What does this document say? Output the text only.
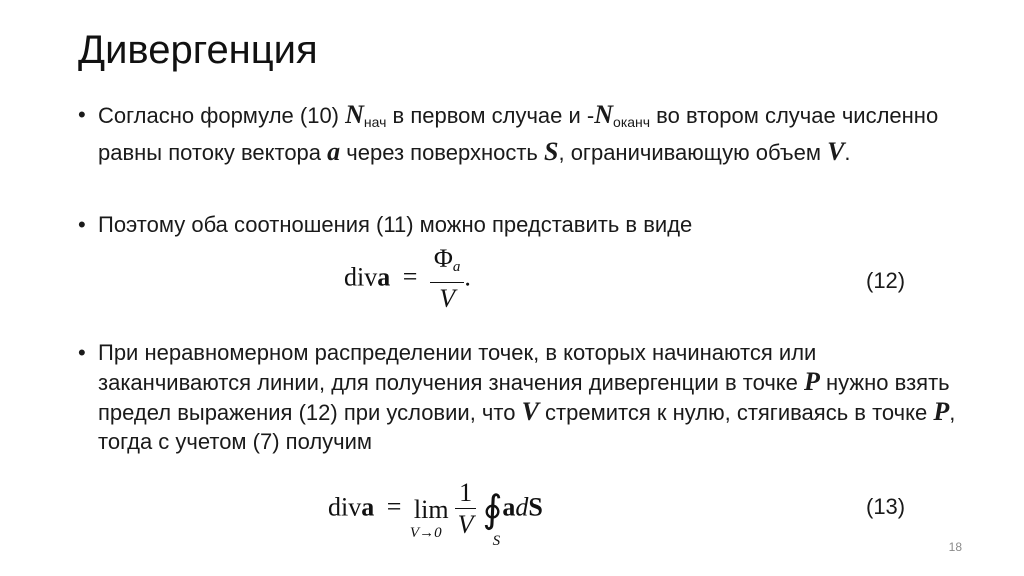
Дивергенция
• Согласно формуле (10) $N_{нач}$ в первом случае и $-N_{оканч}$ во втором случае численно равны потоку вектора a через поверхность S, ограничивающую объем V.
• Поэтому оба соотношения (11) можно представить в виде
• При неравномерном распределении точек, в которых начинаются или заканчиваются линии, для получения значения дивергенции в точке P нужно взять предел выражения (12) при условии, что V стремится к нулю, стягиваясь в точке P, тогда с учетом (7) получим
diva = $\frac{\Phi_a}{V}$ .	(12)
diva = lim
V→0
$\frac{1}{V}$ ∮
S
adS	(13)
18
